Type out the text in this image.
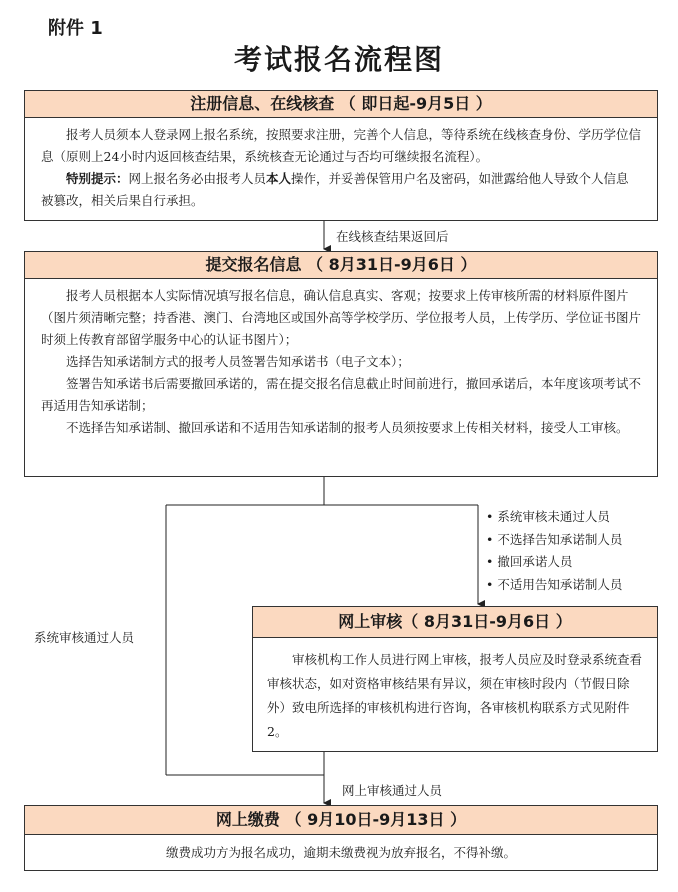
附件 1
考试报名流程图
注册信息、在线核查 （ 即日起-9月5日 ）

报考人员须本人登录网上报名系统，按照要求注册，完善个人信息，等待系统在线核查身份、学历学位信息（原则上24小时内返回核查结果，系统核查无论通过与否均可继续报名流程）。

特别提示：网上报名务必由报考人员本人操作，并妥善保管用户名及密码，如泄露给他人导致个人信息被篡改，相关后果自行承担。

在线核查结果返回后
提交报名信息 （ 8月31日-9月6日 ）

报考人员根据本人实际情况填写报名信息，确认信息真实、客观；按要求上传审核所需的材料原件图片（图片须清晰完整；持香港、澳门、台湾地区或国外高等学校学历、学位报考人员，上传学历、学位证书图片时须上传教育部留学服务中心的认证书图片）；

选择告知承诺制方式的报考人员签署告知承诺书（电子文本）；

签署告知承诺书后需要撤回承诺的，需在提交报名信息截止时间前进行，撤回承诺后，本年度该项考试不再适用告知承诺制；

不选择告知承诺制、撤回承诺和不适用告知承诺制的报考人员须按要求上传相关材料，接受人工审核。

• 系统审核未通过人员
• 不选择告知承诺制人员
• 撤回承诺人员
• 不适用告知承诺制人员
系统审核通过人员
网上审核（ 8月31日-9月6日 ）

审核机构工作人员进行网上审核，报考人员应及时登录系统查看审核状态，如对资格审核结果有异议，须在审核时段内（节假日除外）致电所选择的审核机构进行咨询，各审核机构联系方式见附件2。

网上审核通过人员
网上缴费 （ 9月10日-9月13日 ）
缴费成功方为报名成功，逾期未缴费视为放弃报名，不得补缴。
